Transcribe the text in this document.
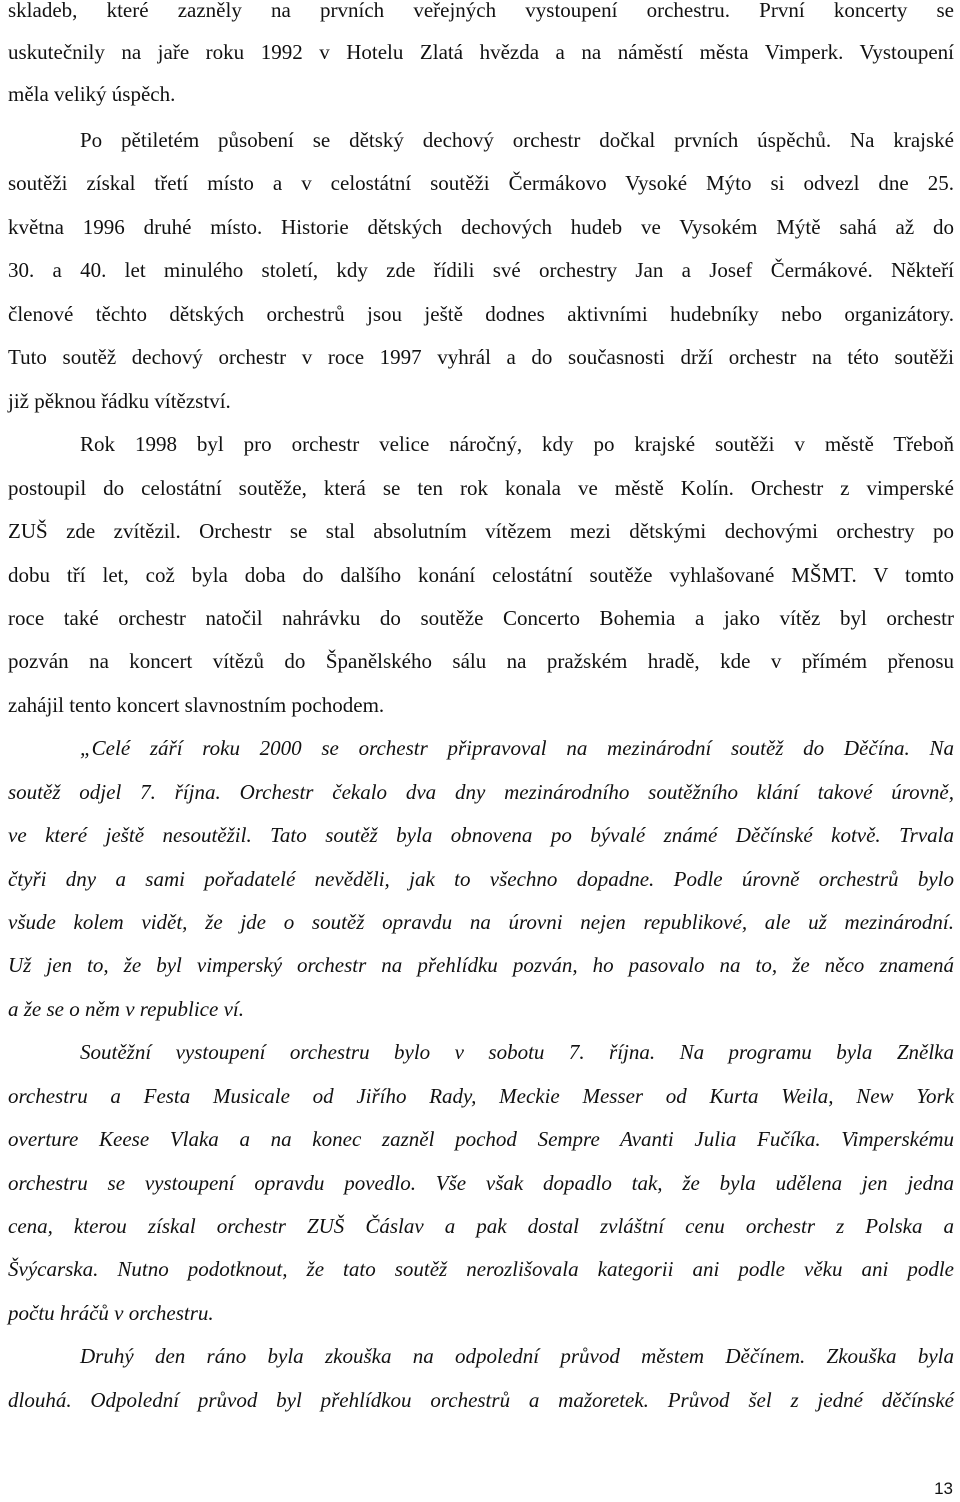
skladeb, které zazněly na prvních veřejných vystoupení orchestru. První koncerty se
uskutečnily na jaře roku 1992 v Hotelu Zlatá hvězda a na náměstí města Vimperk. Vystoupení
měla veliký úspěch.
Po pětiletém působení se dětský dechový orchestr dočkal prvních úspěchů. Na krajské
soutěži získal třetí místo a v celostátní soutěži Čermákovo Vysoké Mýto si odvezl dne 25.
května 1996 druhé místo. Historie dětských dechových hudeb ve Vysokém Mýtě sahá až do
30. a 40. let minulého století, kdy zde řídili své orchestry Jan a Josef Čermákové. Někteří
členové těchto dětských orchestrů jsou ještě dodnes aktivními hudebníky nebo organizátory.
Tuto soutěž dechový orchestr v roce 1997 vyhrál a do současnosti drží orchestr na této soutěži
již pěknou řádku vítězství.
Rok 1998 byl pro orchestr velice náročný, kdy po krajské soutěži v městě Třeboň
postoupil do celostátní soutěže, která se ten rok konala ve městě Kolín. Orchestr z vimperské
ZUŠ zde zvítězil. Orchestr se stal absolutním vítězem mezi dětskými dechovými orchestry po
dobu tří let, což byla doba do dalšího konání celostátní soutěže vyhlašované MŠMT. V tomto
roce také orchestr natočil nahrávku do soutěže Concerto Bohemia a jako vítěz byl orchestr
pozván na koncert vítězů do Španělského sálu na pražském hradě, kde v přímém přenosu
zahájil tento koncert slavnostním pochodem.
„Celé září roku 2000 se orchestr připravoval na mezinárodní soutěž do Děčína. Na
soutěž odjel 7. října. Orchestr čekalo dva dny mezinárodního soutěžního klání takové úrovně,
ve které ještě nesoutěžil. Tato soutěž byla obnovena po bývalé známé Děčínské kotvě. Trvala
čtyři dny a sami pořadatelé nevěděli, jak to všechno dopadne. Podle úrovně orchestrů bylo
všude kolem vidět, že jde o soutěž opravdu na úrovni nejen republikové, ale už mezinárodní.
Už jen to, že byl vimperský orchestr na přehlídku pozván, ho pasovalo na to, že něco znamená
a že se o něm v republice ví.
Soutěžní vystoupení orchestru bylo v sobotu 7. října. Na programu byla Znělka
orchestru a Festa Musicale od Jiřího Rady, Meckie Messer od Kurta Weila, New York
overture Keese Vlaka a na konec zazněl pochod Sempre Avanti Julia Fučíka. Vimperskému
orchestru se vystoupení opravdu povedlo. Vše však dopadlo tak, že byla udělena jen jedna
cena, kterou získal orchestr ZUŠ Čáslav a pak dostal zvláštní cenu orchestr z Polska a
Švýcarska. Nutno podotknout, že tato soutěž nerozlišovala kategorii ani podle věku ani podle
počtu hráčů v orchestru.
Druhý den ráno byla zkouška na odpolední průvod městem Děčínem. Zkouška byla
dlouhá. Odpolední průvod byl přehlídkou orchestrů a mažoretek. Průvod šel z jedné děčínské
13
